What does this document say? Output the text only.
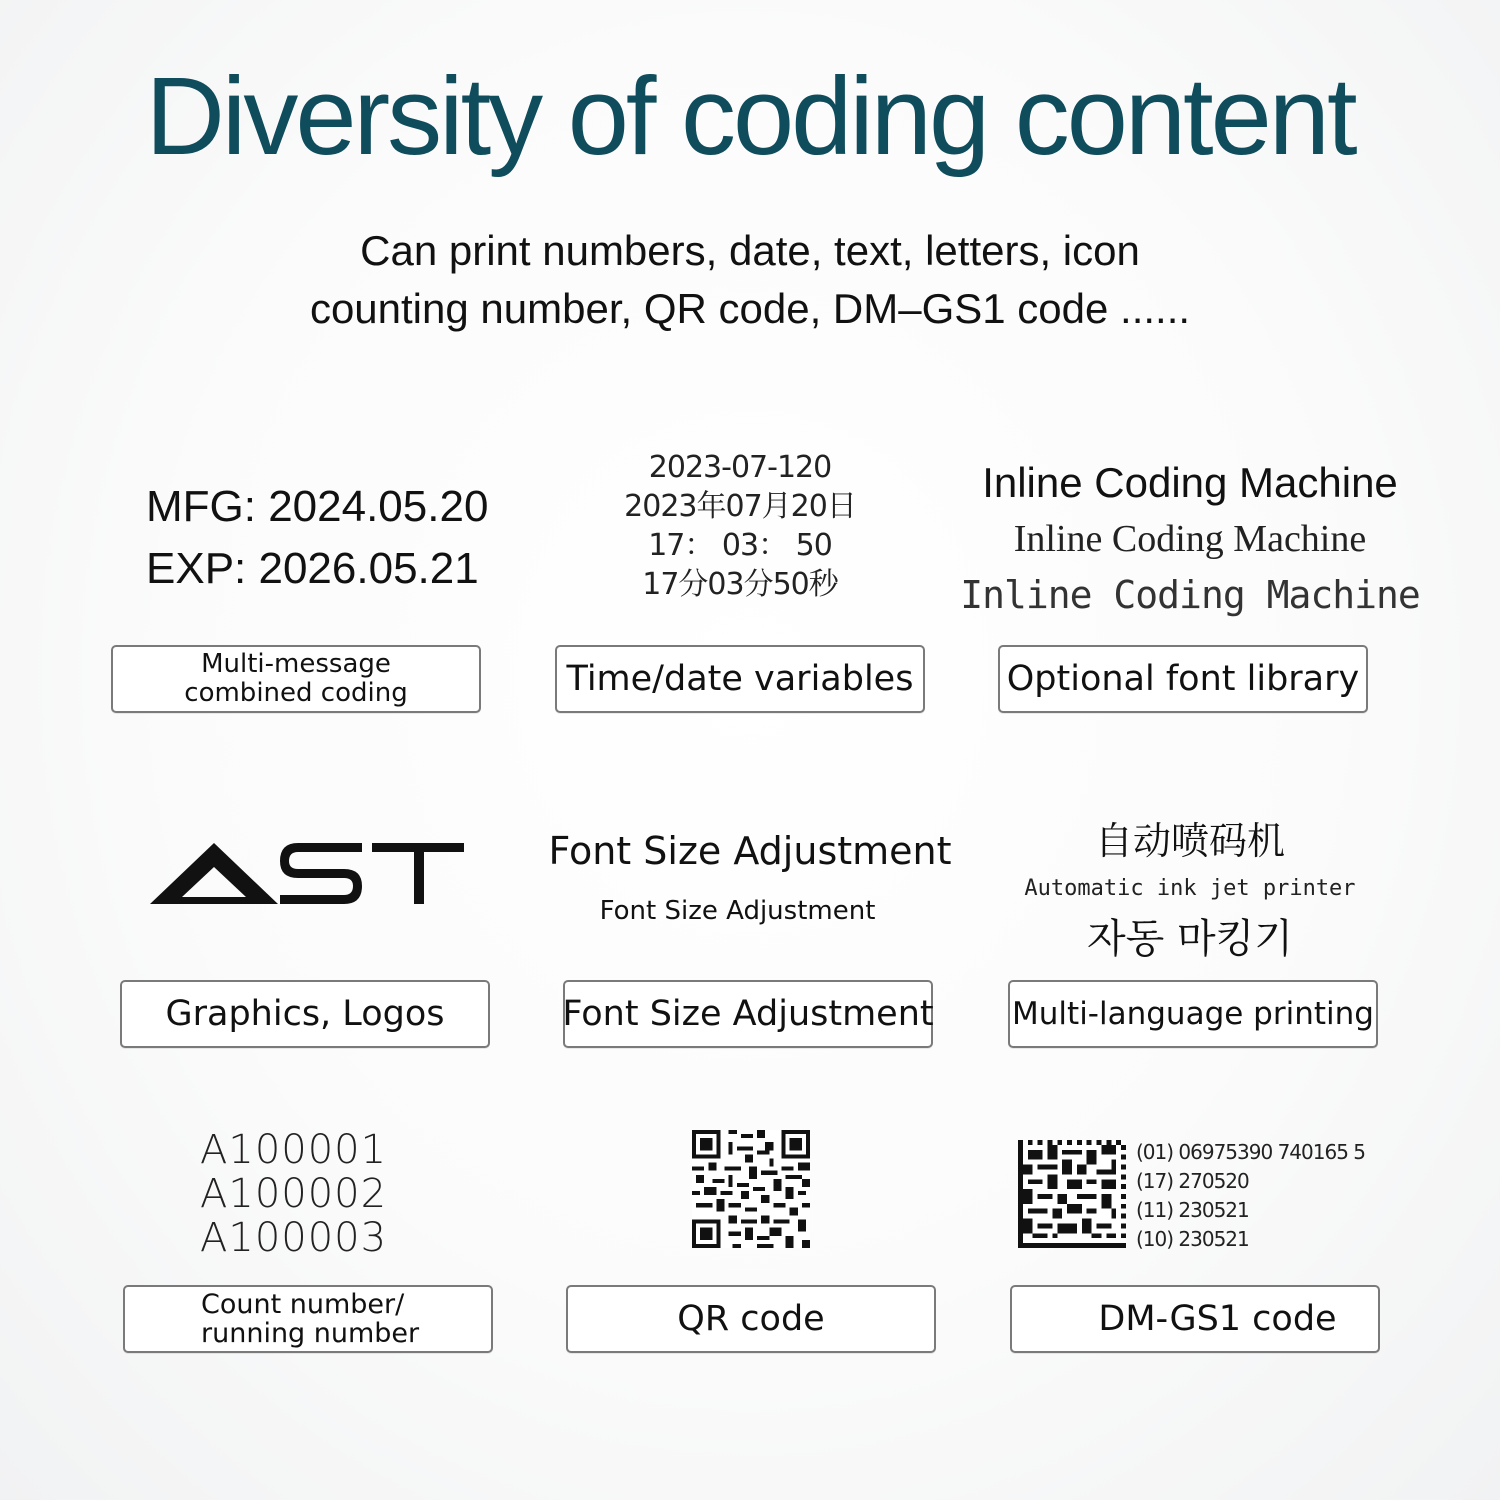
Diversity of coding content
Can print numbers, date, text, letters, icon
counting number, QR code, DM–GS1 code ......
MFG: 2024.05.20
EXP: 2026.05.21
Multi-message
combined coding
2023-07-120
2023年07月20日
17： 03： 50
17分03分50秒
Time/date variables
Inline Coding Machine
Inline Coding Machine
Inline Coding Machine
Optional font library
Graphics, Logos
Font Size Adjustment
Font Size Adjustment
Font Size Adjustment
自动喷码机
Automatic ink jet printer
자동 마킹기
Multi-language printing
A100001
A100002
A100003
Count number/
running number	QR code
(01) 06975390 740165 5
(17) 270520
(11) 230521
(10) 230521
DM-GS1 code
